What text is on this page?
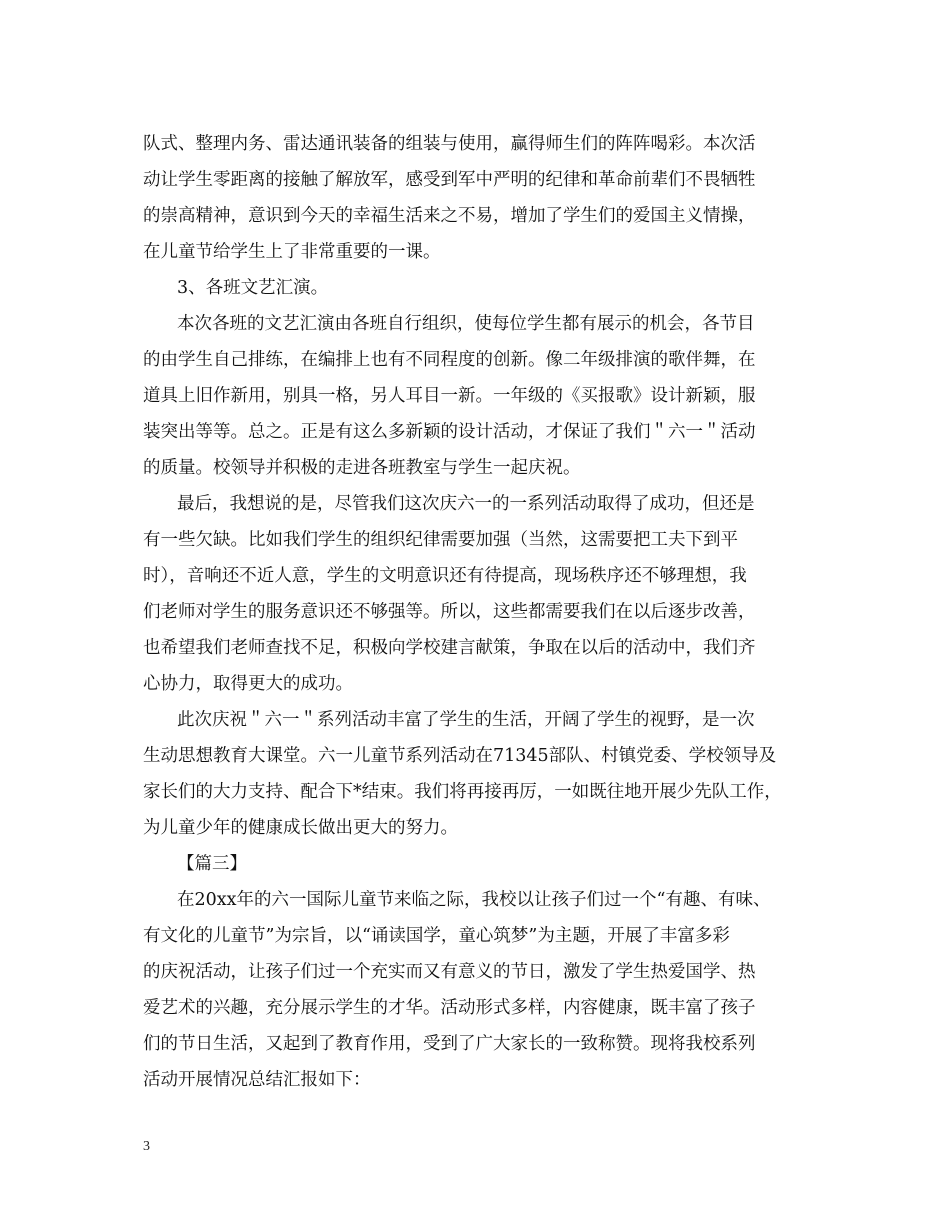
队式、整理内务、雷达通讯装备的组装与使用，赢得师生们的阵阵喝彩。本次活
动让学生零距离的接触了解放军，感受到军中严明的纪律和革命前辈们不畏牺牲
的崇高精神，意识到今天的幸福生活来之不易，增加了学生们的爱国主义情操，
在儿童节给学生上了非常重要的一课。
3、各班文艺汇演。
本次各班的文艺汇演由各班自行组织，使每位学生都有展示的机会，各节目
的由学生自己排练，在编排上也有不同程度的创新。像二年级排演的歌伴舞，在
道具上旧作新用，别具一格，另人耳目一新。一年级的《买报歌》设计新颖，服
装突出等等。总之。正是有这么多新颖的设计活动，才保证了我们＂六一＂活动
的质量。校领导并积极的走进各班教室与学生一起庆祝。
最后，我想说的是，尽管我们这次庆六一的一系列活动取得了成功，但还是
有一些欠缺。比如我们学生的组织纪律需要加强（当然，这需要把工夫下到平
时），音响还不近人意，学生的文明意识还有待提高，现场秩序还不够理想，我
们老师对学生的服务意识还不够强等。所以，这些都需要我们在以后逐步改善，
也希望我们老师查找不足，积极向学校建言献策，争取在以后的活动中，我们齐
心协力，取得更大的成功。
此次庆祝＂六一＂系列活动丰富了学生的生活，开阔了学生的视野，是一次
生动思想教育大课堂。六一儿童节系列活动在71345部队、村镇党委、学校领导及
家长们的大力支持、配合下*结束。我们将再接再厉，一如既往地开展少先队工作，
为儿童少年的健康成长做出更大的努力。
【篇三】
在20xx年的六一国际儿童节来临之际，我校以让孩子们过一个“有趣、有味、
有文化的儿童节”为宗旨，以“诵读国学，童心筑梦”为主题，开展了丰富多彩
的庆祝活动，让孩子们过一个充实而又有意义的节日，激发了学生热爱国学、热
爱艺术的兴趣，充分展示学生的才华。活动形式多样，内容健康，既丰富了孩子
们的节日生活，又起到了教育作用，受到了广大家长的一致称赞。现将我校系列
活动开展情况总结汇报如下：
3
